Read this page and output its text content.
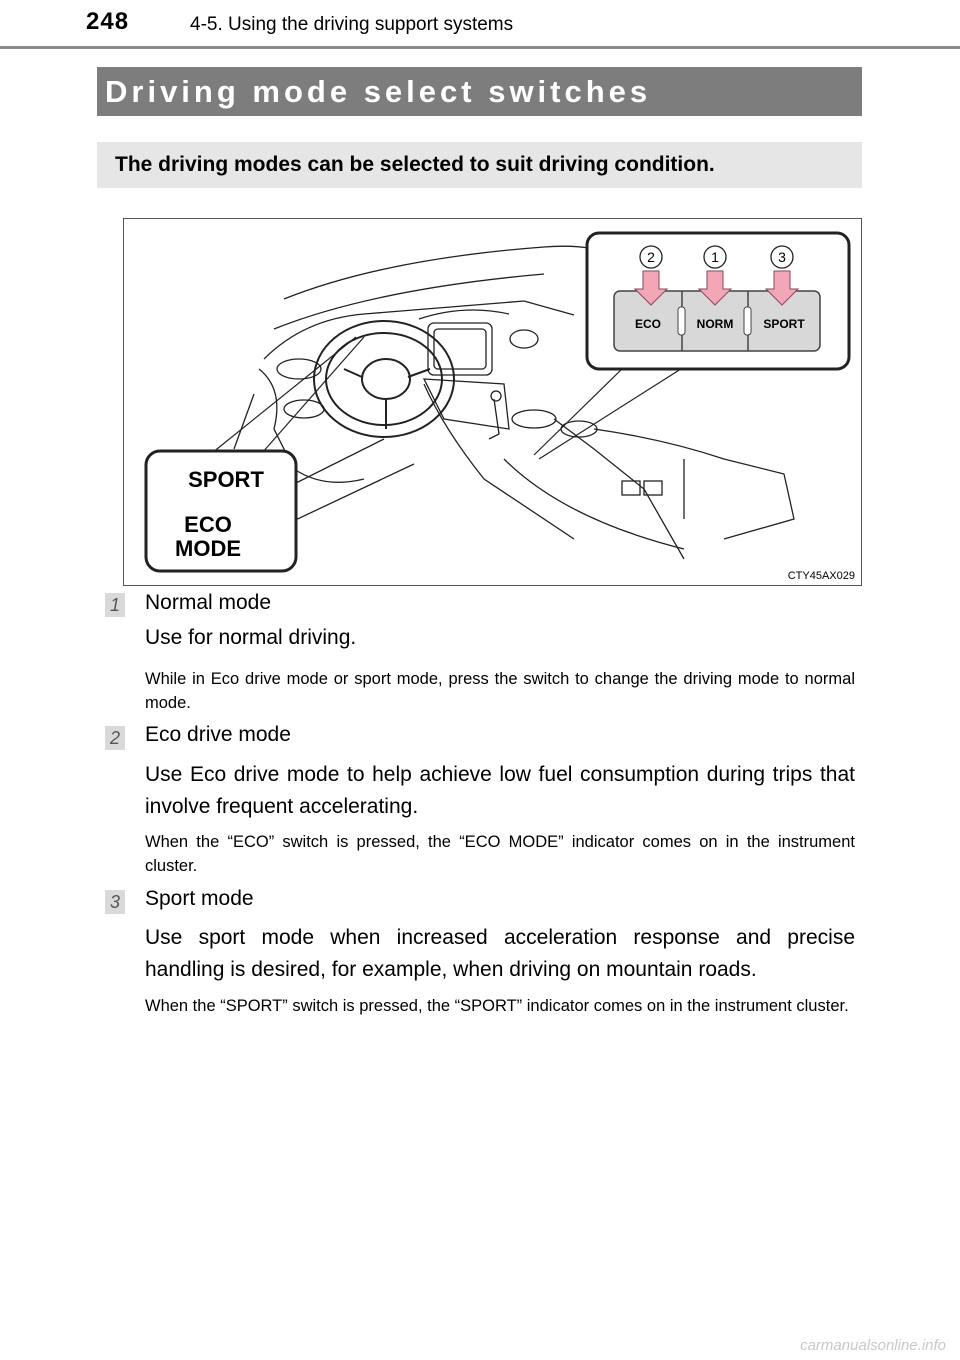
248	4-5. Using the driving support systems
Driving mode select switches
The driving modes can be selected to suit driving condition.
2	1	3
ECO	NORM SPORT
SPORT
ECO
MODE
CTY45AX029
1 Normal mode
Use for normal driving.
While in Eco drive mode or sport mode, press the switch to change the driving mode to normal mode.
2 Eco drive mode
Use Eco drive mode to help achieve low fuel consumption during trips that involve frequent accelerating.
When the “ECO” switch is pressed, the “ECO MODE” indicator comes on in the instrument cluster.
3 Sport mode
Use sport mode when increased acceleration response and precise handling is desired, for example, when driving on mountain roads.
When the “SPORT” switch is pressed, the “SPORT” indicator comes on in the instrument cluster.
carmanualsonline.info
